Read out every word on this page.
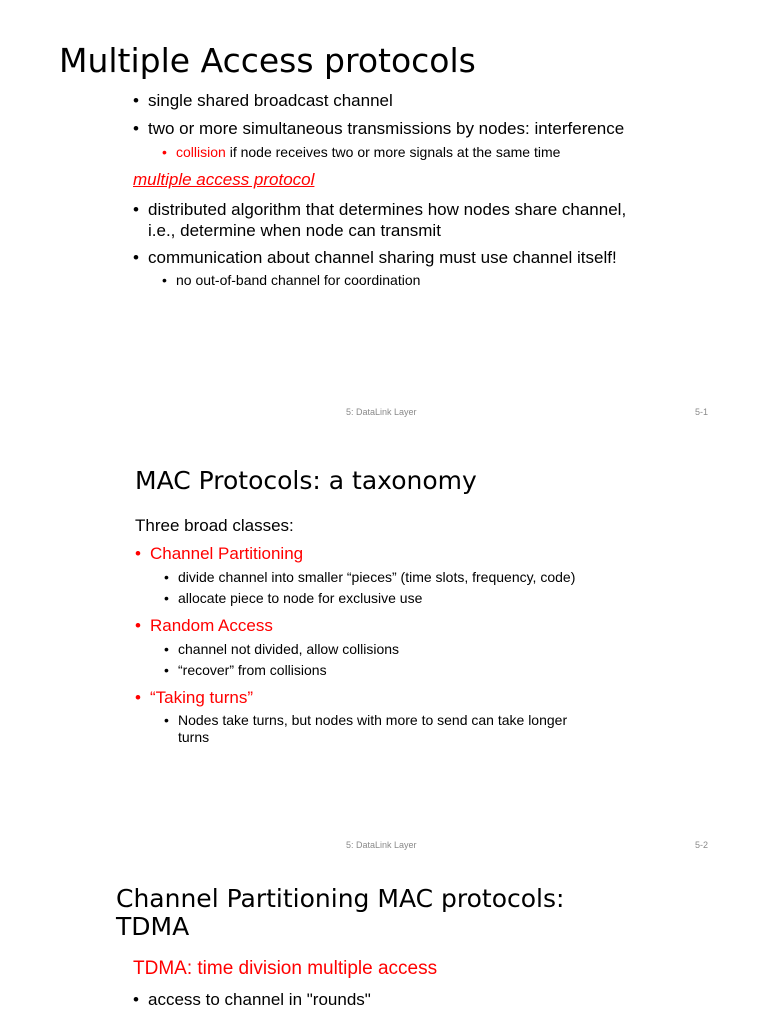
Multiple Access protocols
• single shared broadcast channel
• two or more simultaneous transmissions by nodes: interference
• collision if node receives two or more signals at the same time
multiple access protocol
• distributed algorithm that determines how nodes share channel,
i.e., determine when node can transmit
• communication about channel sharing must use channel itself!
• no out-of-band channel for coordination
5: DataLink Layer	5-1
MAC Protocols: a taxonomy
Three broad classes:
• Channel Partitioning
• divide channel into smaller “pieces” (time slots, frequency, code)
• allocate piece to node for exclusive use
• Random Access
• channel not divided, allow collisions
• “recover” from collisions
• “Taking turns”
• Nodes take turns, but nodes with more to send can take longer
turns
5: DataLink Layer	5-2
Channel Partitioning MAC protocols:
TDMA
TDMA: time division multiple access
• access to channel in "rounds"
